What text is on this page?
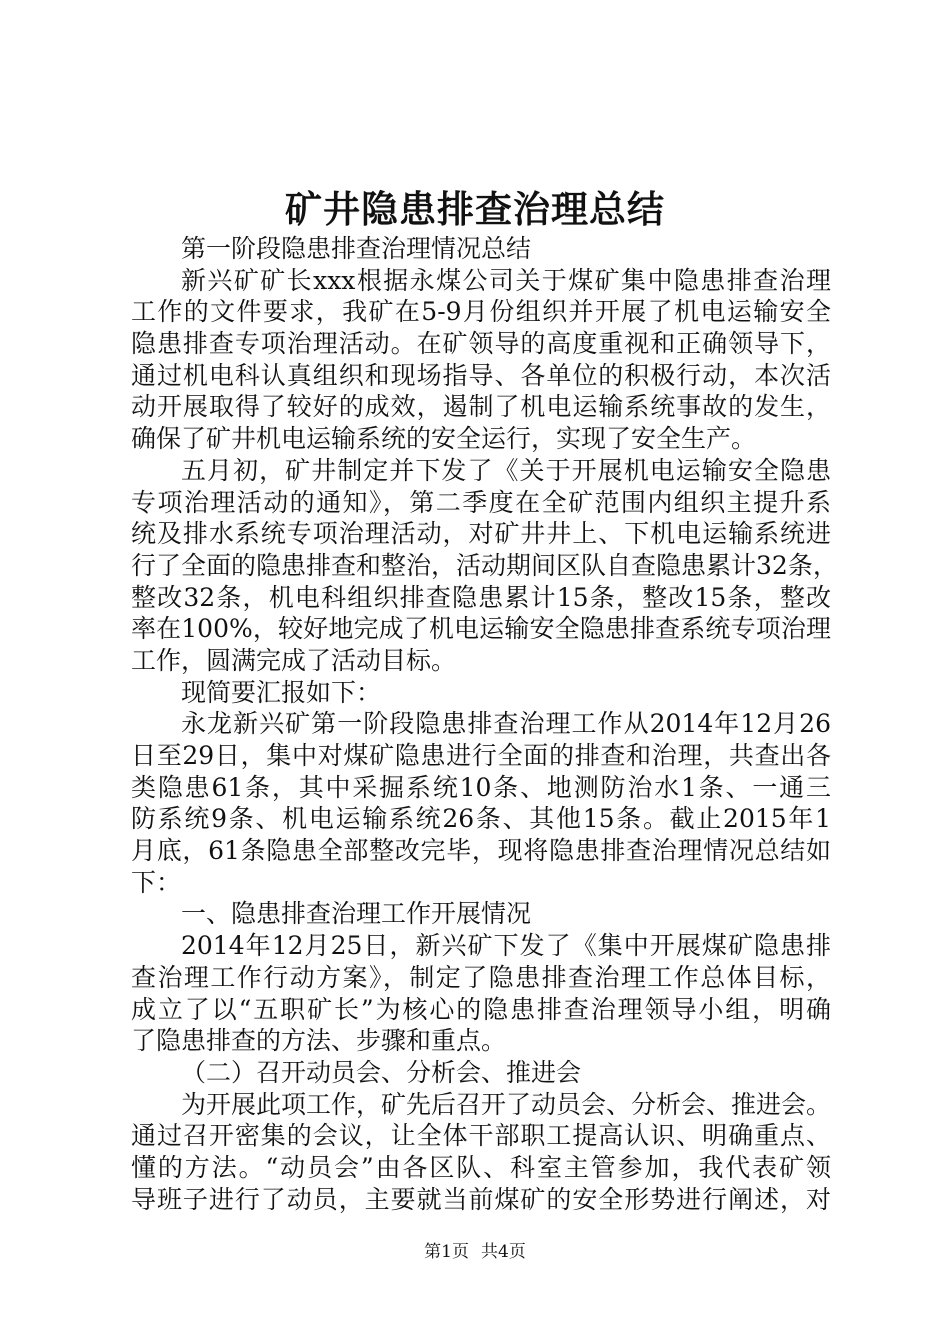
矿井隐患排查治理总结
第一阶段隐患排查治理情况总结
新兴矿矿长xxx根据永煤公司关于煤矿集中隐患排查治理
工作的文件要求，我矿在5-9月份组织并开展了机电运输安全
隐患排查专项治理活动。在矿领导的高度重视和正确领导下，
通过机电科认真组织和现场指导、各单位的积极行动，本次活
动开展取得了较好的成效，遏制了机电运输系统事故的发生，
确保了矿井机电运输系统的安全运行，实现了安全生产。
五月初，矿井制定并下发了《关于开展机电运输安全隐患
专项治理活动的通知》，第二季度在全矿范围内组织主提升系
统及排水系统专项治理活动，对矿井井上、下机电运输系统进
行了全面的隐患排查和整治，活动期间区队自查隐患累计32条，
整改32条，机电科组织排查隐患累计15条，整改15条，整改
率在100%，较好地完成了机电运输安全隐患排查系统专项治理
工作，圆满完成了活动目标。
现简要汇报如下：
永龙新兴矿第一阶段隐患排查治理工作从2014年12月26
日至29日，集中对煤矿隐患进行全面的排查和治理，共查出各
类隐患61条，其中采掘系统10条、地测防治水1条、一通三
防系统9条、机电运输系统26条、其他15条。截止2015年1
月底，61条隐患全部整改完毕，现将隐患排查治理情况总结如
下：
一、隐患排查治理工作开展情况
2014年12月25日，新兴矿下发了《集中开展煤矿隐患排
查治理工作行动方案》，制定了隐患排查治理工作总体目标，
成立了以“五职矿长”为核心的隐患排查治理领导小组，明确
了隐患排查的方法、步骤和重点。
（二）召开动员会、分析会、推进会
为开展此项工作，矿先后召开了动员会、分析会、推进会。
通过召开密集的会议，让全体干部职工提高认识、明确重点、
懂的方法。“动员会”由各区队、科室主管参加，我代表矿领
导班子进行了动员，主要就当前煤矿的安全形势进行阐述，对
第1页 共4页
